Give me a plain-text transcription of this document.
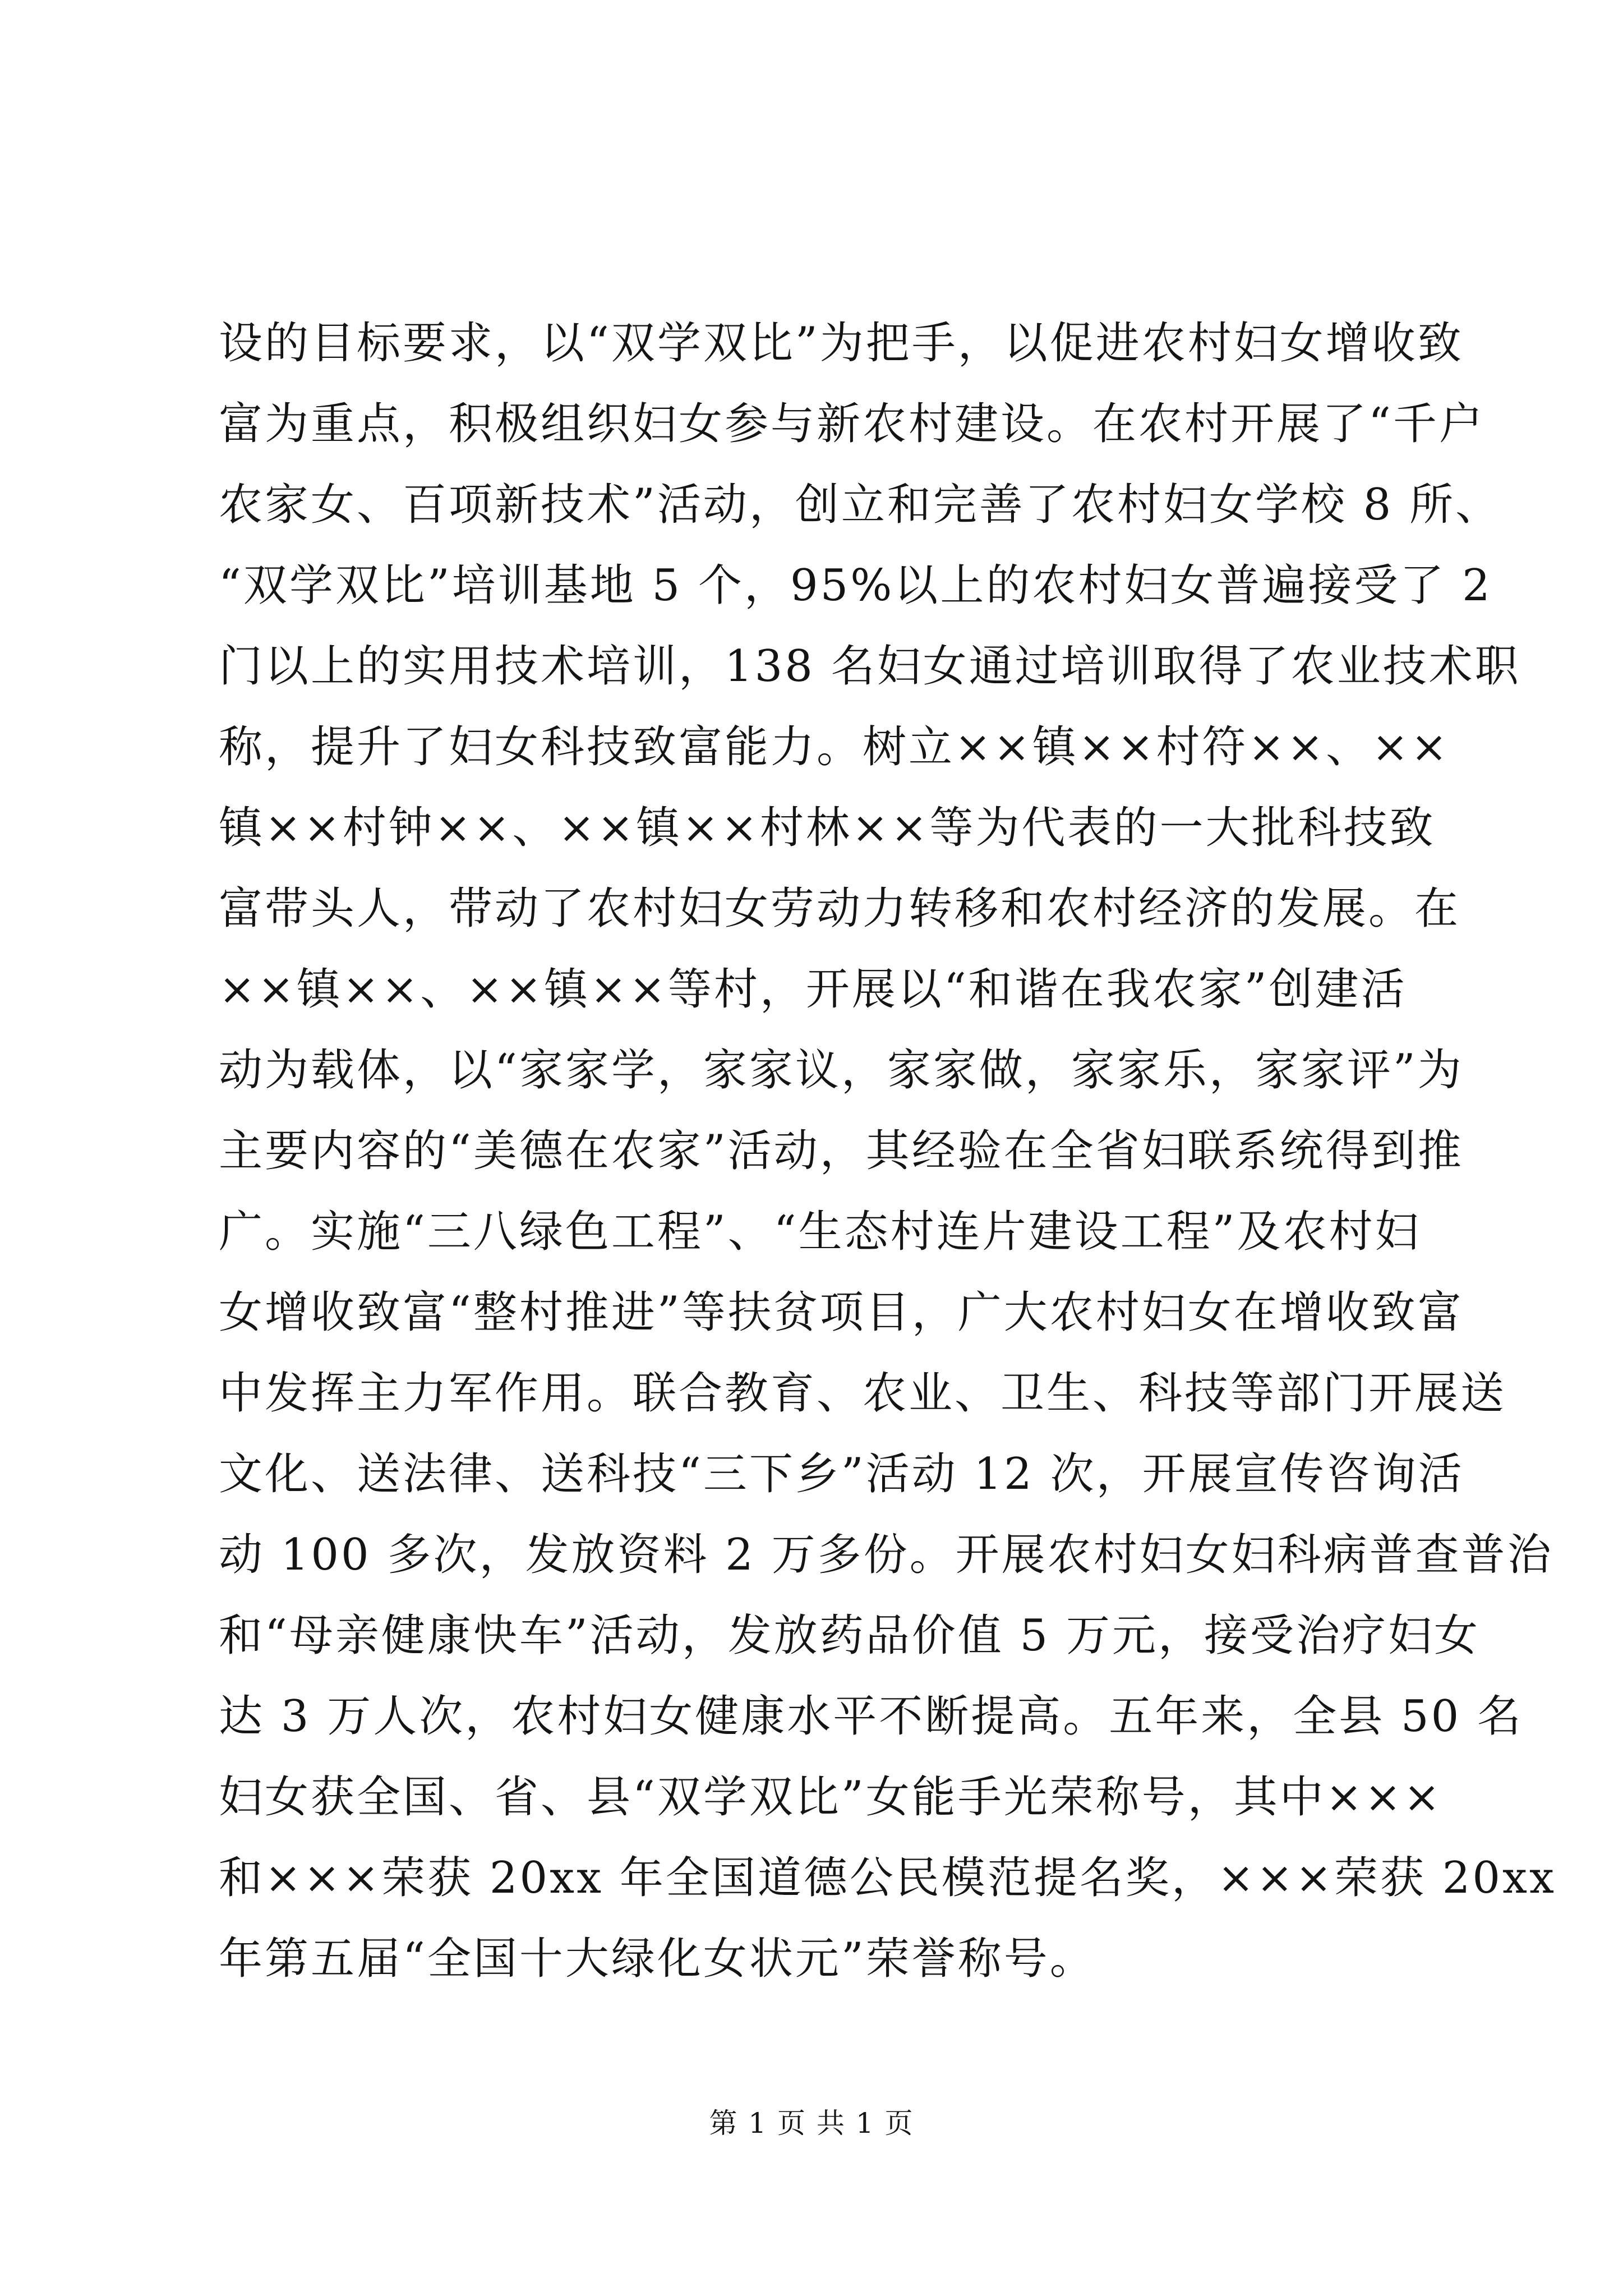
设的目标要求，以“双学双比”为把手，以促进农村妇女增收致
富为重点，积极组织妇女参与新农村建设。在农村开展了“千户
农家女、百项新技术”活动，创立和完善了农村妇女学校 8 所、
“双学双比”培训基地 5 个，95%以上的农村妇女普遍接受了 2
门以上的实用技术培训，138 名妇女通过培训取得了农业技术职
称，提升了妇女科技致富能力。树立××镇××村符××、××
镇××村钟××、××镇××村林××等为代表的一大批科技致
富带头人，带动了农村妇女劳动力转移和农村经济的发展。在
××镇××、××镇××等村，开展以“和谐在我农家”创建活
动为载体，以“家家学，家家议，家家做，家家乐，家家评”为
主要内容的“美德在农家”活动，其经验在全省妇联系统得到推
广。实施“三八绿色工程”、“生态村连片建设工程”及农村妇
女增收致富“整村推进”等扶贫项目，广大农村妇女在增收致富
中发挥主力军作用。联合教育、农业、卫生、科技等部门开展送
文化、送法律、送科技“三下乡”活动 12 次，开展宣传咨询活
动 100 多次，发放资料 2 万多份。开展农村妇女妇科病普查普治
和“母亲健康快车”活动，发放药品价值 5 万元，接受治疗妇女
达 3 万人次，农村妇女健康水平不断提高。五年来，全县 50 名
妇女获全国、省、县“双学双比”女能手光荣称号，其中×××
和×××荣获 20xx 年全国道德公民模范提名奖，×××荣获 20xx
年第五届“全国十大绿化女状元”荣誉称号。
第 1 页 共 1 页
